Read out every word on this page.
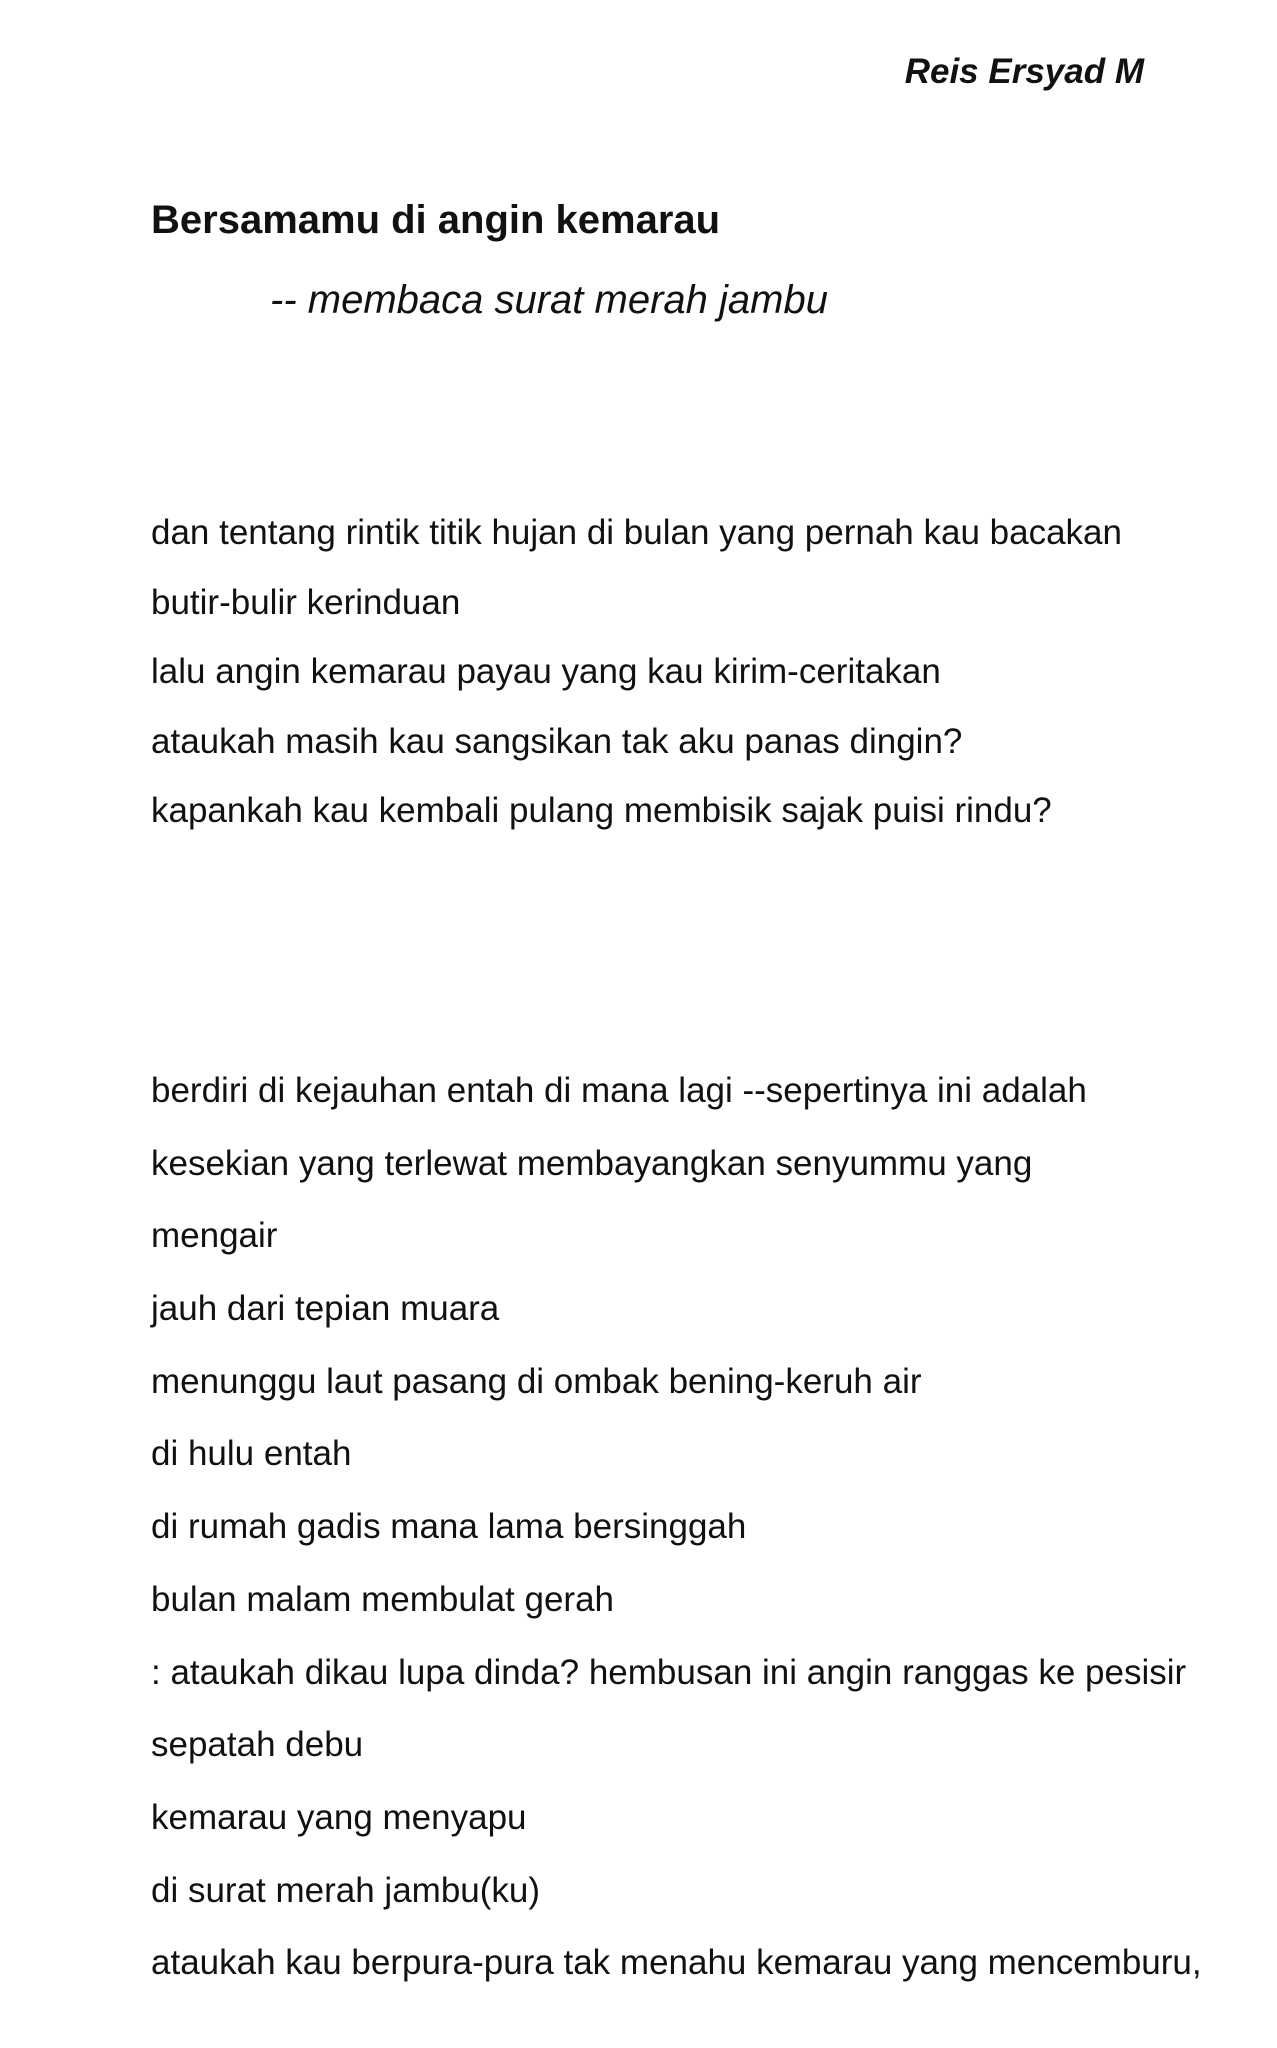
Reis Ersyad M
Bersamamu di angin kemarau
-- membaca surat merah jambu
dan tentang rintik titik hujan di bulan yang pernah kau bacakan
butir-bulir kerinduan
lalu angin kemarau payau yang kau kirim-ceritakan
ataukah masih kau sangsikan tak aku panas dingin?
kapankah kau kembali pulang membisik sajak puisi rindu?
berdiri di kejauhan entah di mana lagi --sepertinya ini adalah
kesekian yang terlewat membayangkan senyummu yang
mengair
jauh dari tepian muara
menunggu laut pasang di ombak bening-keruh air
di hulu entah
di rumah gadis mana lama bersinggah
bulan malam membulat gerah
: ataukah dikau lupa dinda? hembusan ini angin ranggas ke pesisir
sepatah debu
kemarau yang menyapu
di surat merah jambu(ku)
ataukah kau berpura-pura tak menahu kemarau yang mencemburu,
